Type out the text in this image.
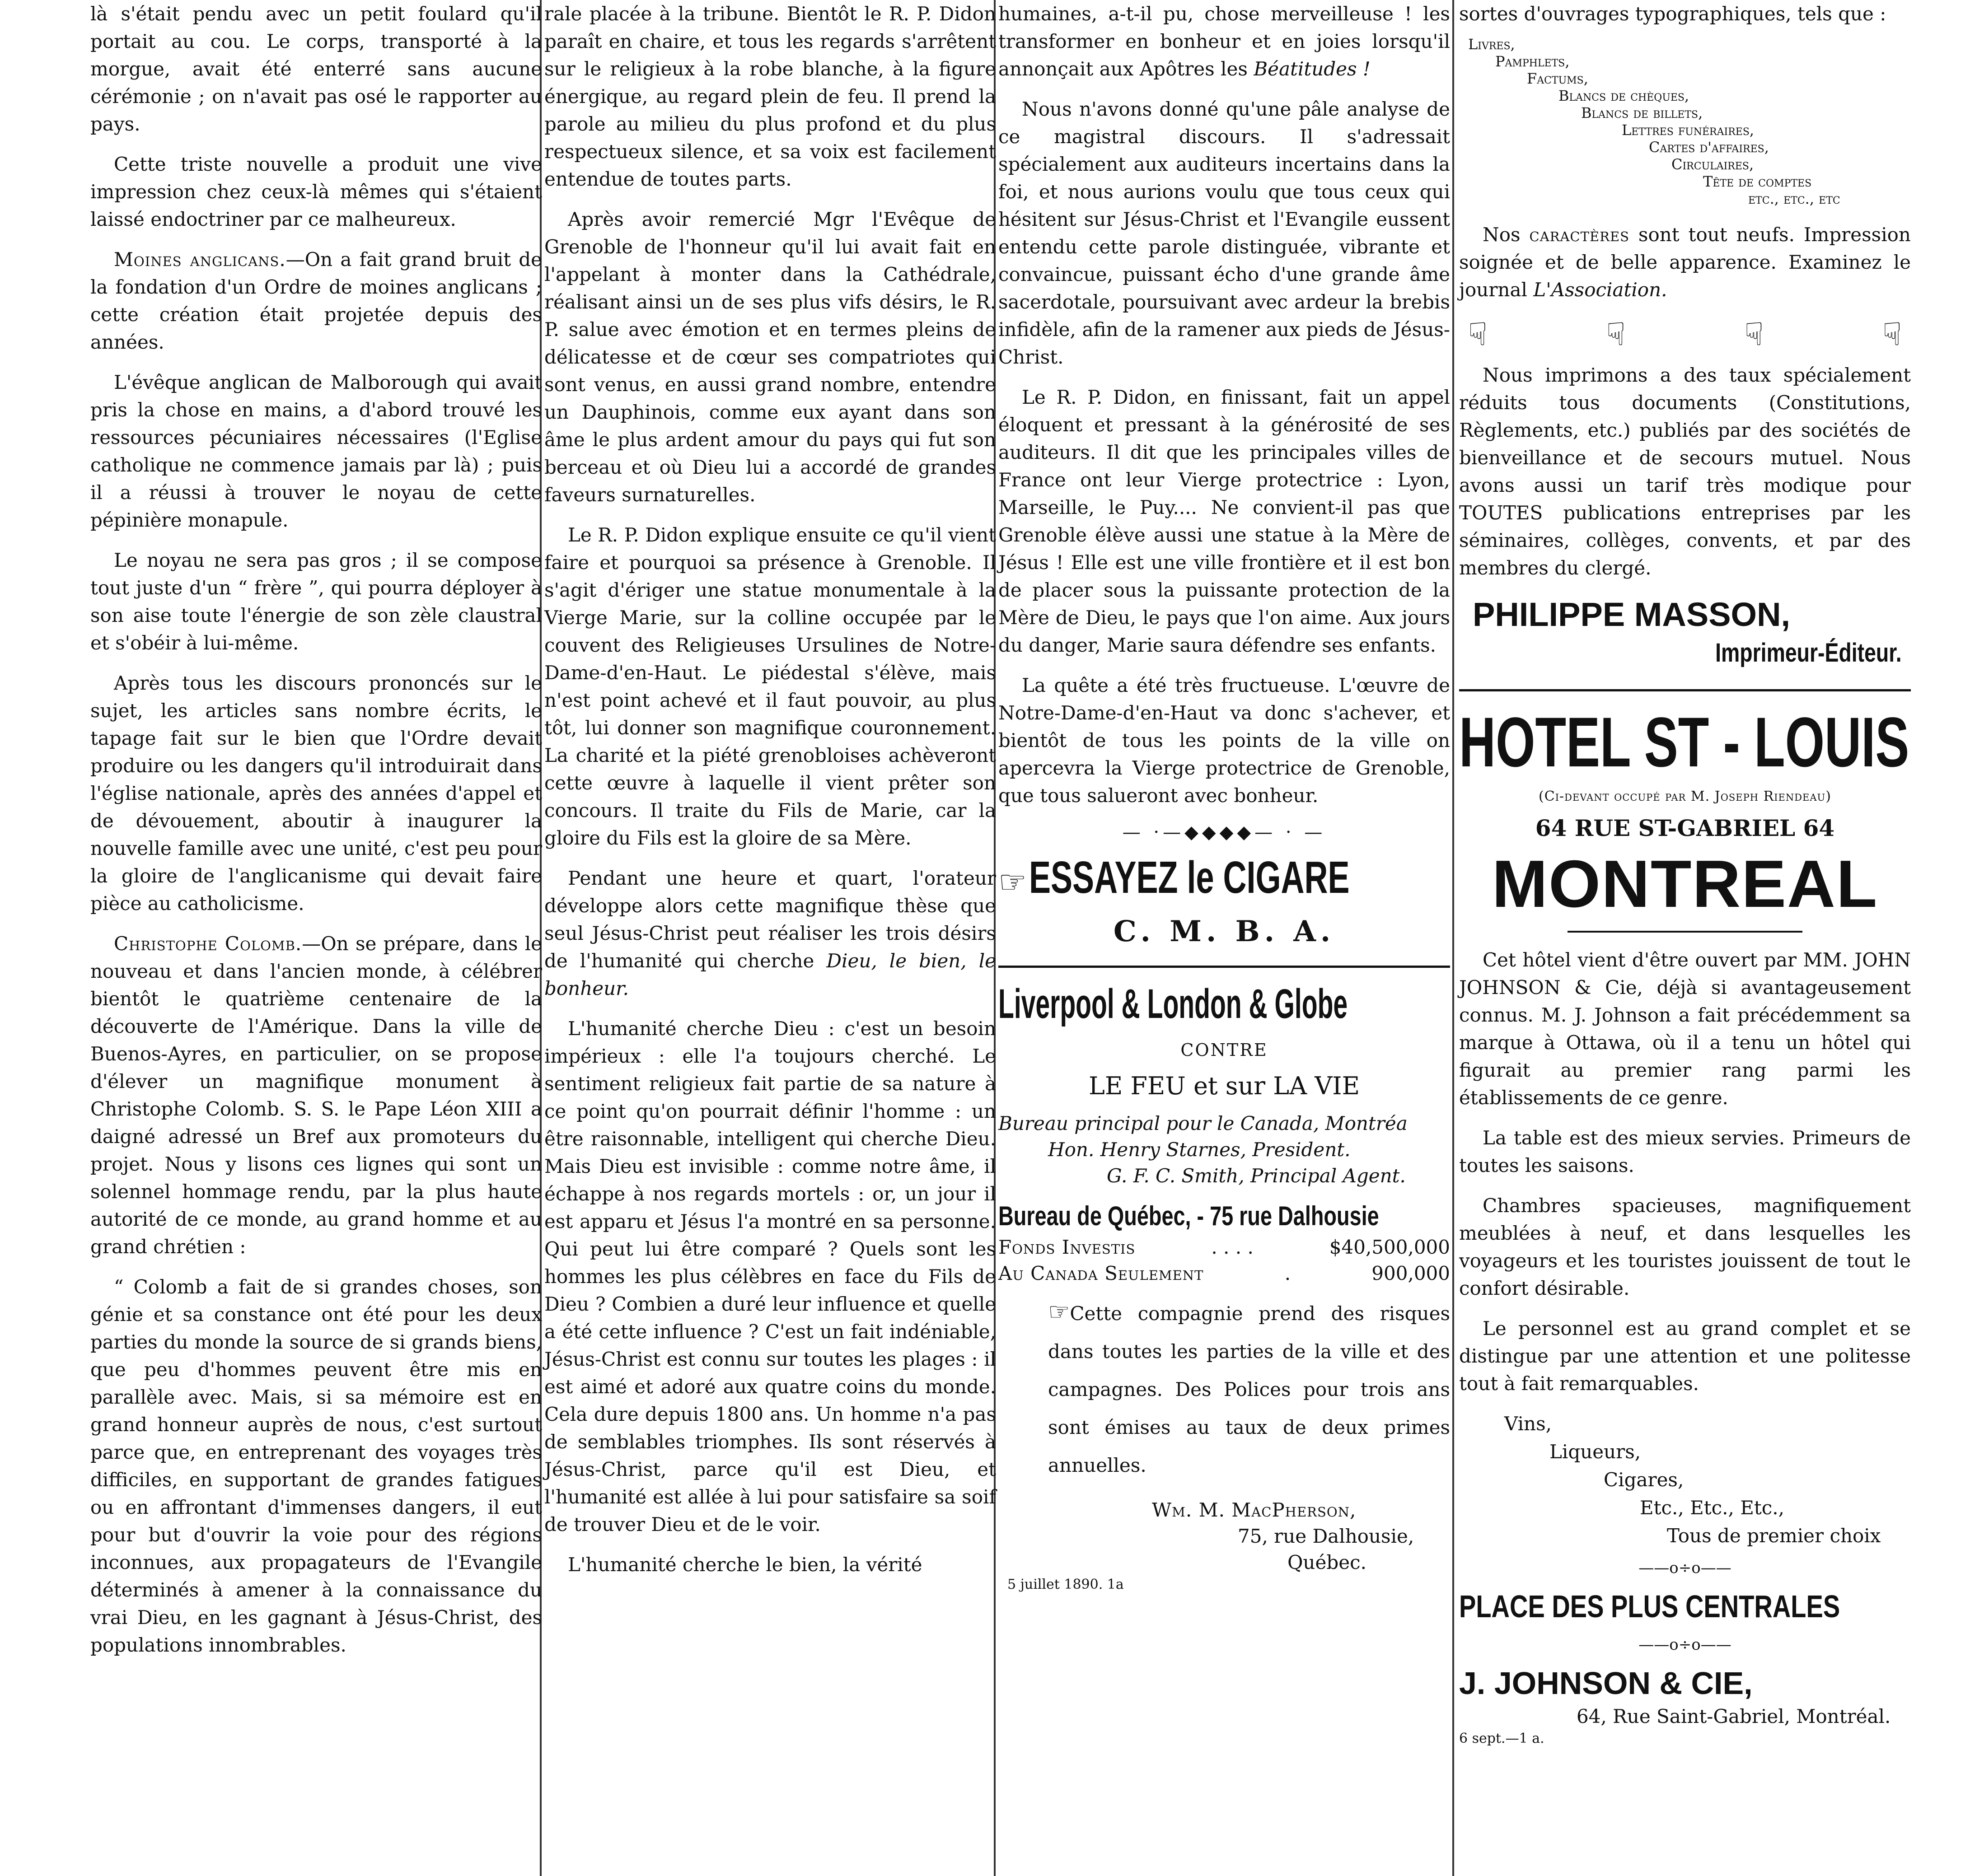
là s'était pendu avec un petit foulard qu'il portait au cou. Le corps, transporté à la morgue, avait été enterré sans aucune cérémonie ; on n'avait pas osé le rapporter au pays.

Cette triste nouvelle a produit une vive impression chez ceux-là mêmes qui s'étaient laissé endoctriner par ce malheureux.

Moines anglicans.—On a fait grand bruit de la fondation d'un Ordre de moines anglicans ; cette création était projetée depuis des années.

L'évêque anglican de Malborough qui avait pris la chose en mains, a d'abord trouvé les ressources pécuniaires nécessaires (l'Eglise catholique ne commence jamais par là) ; puis il a réussi à trouver le noyau de cette pépinière monapule.

Le noyau ne sera pas gros ; il se compose tout juste d'un “ frère ”, qui pourra déployer à son aise toute l'énergie de son zèle claustral et s'obéir à lui-même.

Après tous les discours prononcés sur le sujet, les articles sans nombre écrits, le tapage fait sur le bien que l'Ordre devait produire ou les dangers qu'il introduirait dans l'église nationale, après des années d'appel et de dévouement, aboutir à inaugurer la nouvelle famille avec une unité, c'est peu pour la gloire de l'anglicanisme qui devait faire pièce au catholicisme.

Christophe Colomb.—On se prépare, dans le nouveau et dans l'ancien monde, à célébrer bientôt le quatrième centenaire de la découverte de l'Amérique. Dans la ville de Buenos-Ayres, en particulier, on se propose d'élever un magnifique monument à Christophe Colomb. S. S. le Pape Léon XIII a daigné adressé un Bref aux promoteurs du projet. Nous y lisons ces lignes qui sont un solennel hommage rendu, par la plus haute autorité de ce monde, au grand homme et au grand chrétien :

“ Colomb a fait de si grandes choses, son génie et sa constance ont été pour les deux parties du monde la source de si grands biens, que peu d'hommes peuvent être mis en parallèle avec. Mais, si sa mémoire est en grand honneur auprès de nous, c'est surtout parce que, en entreprenant des voyages très difficiles, en supportant de grandes fatigues ou en affrontant d'immenses dangers, il eut pour but d'ouvrir la voie pour des régions inconnues, aux propagateurs de l'Evangile déterminés à amener à la connaissance du vrai Dieu, en les gagnant à Jésus-Christ, des populations innombrables.

rale placée à la tribune. Bientôt le R. P. Didon paraît en chaire, et tous les regards s'arrêtent sur le religieux à la robe blanche, à la figure énergique, au regard plein de feu. Il prend la parole au milieu du plus profond et du plus respectueux silence, et sa voix est facilement entendue de toutes parts.

Après avoir remercié Mgr l'Evêque de Grenoble de l'honneur qu'il lui avait fait en l'appelant à monter dans la Cathédrale, réalisant ainsi un de ses plus vifs désirs, le R. P. salue avec émotion et en termes pleins de délicatesse et de cœur ses compatriotes qui sont venus, en aussi grand nombre, entendre un Dauphinois, comme eux ayant dans son âme le plus ardent amour du pays qui fut son berceau et où Dieu lui a accordé de grandes faveurs surnaturelles.

Le R. P. Didon explique ensuite ce qu'il vient faire et pourquoi sa présence à Grenoble. Il s'agit d'ériger une statue monumentale à la Vierge Marie, sur la colline occupée par le couvent des Religieuses Ursulines de Notre-Dame-d'en-Haut. Le piédestal s'élève, mais n'est point achevé et il faut pouvoir, au plus tôt, lui donner son magnifique couronnement. La charité et la piété grenobloises achèveront cette œuvre à laquelle il vient prêter son concours. Il traite du Fils de Marie, car la gloire du Fils est la gloire de sa Mère.

Pendant une heure et quart, l'orateur développe alors cette magnifique thèse que seul Jésus-Christ peut réaliser les trois désirs de l'humanité qui cherche Dieu, le bien, le bonheur.

L'humanité cherche Dieu : c'est un besoin impérieux : elle l'a toujours cherché. Le sentiment religieux fait partie de sa nature à ce point qu'on pourrait définir l'homme : un être raisonnable, intelligent qui cherche Dieu. Mais Dieu est invisible : comme notre âme, il échappe à nos regards mortels : or, un jour il est apparu et Jésus l'a montré en sa personne. Qui peut lui être comparé ? Quels sont les hommes les plus célèbres en face du Fils de Dieu ? Combien a duré leur influence et quelle a été cette influence ? C'est un fait indéniable, Jésus-Christ est connu sur toutes les plages : il est aimé et adoré aux quatre coins du monde. Cela dure depuis 1800 ans. Un homme n'a pas de semblables triomphes. Ils sont réservés à Jésus-Christ, parce qu'il est Dieu, et l'humanité est allée à lui pour satisfaire sa soif de trouver Dieu et de le voir.

L'humanité cherche le bien, la vérité

humaines, a-t-il pu, chose merveilleuse ! les transformer en bonheur et en joies lorsqu'il annonçait aux Apôtres les Béatitudes !

Nous n'avons donné qu'une pâle analyse de ce magistral discours. Il s'adressait spécialement aux auditeurs incertains dans la foi, et nous aurions voulu que tous ceux qui hésitent sur Jésus-Christ et l'Evangile eussent entendu cette parole distinguée, vibrante et convaincue, puissant écho d'une grande âme sacerdotale, poursuivant avec ardeur la brebis infidèle, afin de la ramener aux pieds de Jésus-Christ.

Le R. P. Didon, en finissant, fait un appel éloquent et pressant à la générosité de ses auditeurs. Il dit que les principales villes de France ont leur Vierge protectrice : Lyon, Marseille, le Puy.... Ne convient-il pas que Grenoble élève aussi une statue à la Mère de Jésus ! Elle est une ville frontière et il est bon de placer sous la puissante protection de la Mère de Dieu, le pays que l'on aime. Aux jours du danger, Marie saura défendre ses enfants.

La quête a été très fructueuse. L'œuvre de Notre-Dame-d'en-Haut va donc s'achever, et bientôt de tous les points de la ville on apercevra la Vierge protectrice de Grenoble, que tous salueront avec bonheur.

— ·—◆◆◆◆— · —
☞ ESSAYEZ le CIGARE
C. M. B. A.
Liverpool & London & Globe

CONTRE

LE FEU et sur LA VIE

Bureau principal pour le Canada, Montréa

Hon. Henry Starnes, President.

G. F. C. Smith, Principal Agent.

Bureau de Québec, - 75 rue Dalhousie
Fonds Investis	. . . .	$40,500,000
Au Canada Seulement	.	900,000

☞Cette compagnie prend des risques dans toutes les parties de la ville et des campagnes. Des Polices pour trois ans sont émises au taux de deux primes annuelles.

Wm. M. MacPherson,

75, rue Dalhousie,

Québec.

5 juillet 1890. 1a

sortes d'ouvrages typographiques, tels que :

Livres,

Pamphlets,

Factums,

Blancs de chèques,

Blancs de billets,

Lettres funéraires,

Cartes d'affaires,

Circulaires,

Tête de comptes

etc., etc., etc

Nos caractères sont tout neufs. Impression soignée et de belle apparence. Examinez le journal L'Association.

☟	☟	☟	☟

Nous imprimons a des taux spécialement réduits tous documents (Constitutions, Règlements, etc.) publiés par des sociétés de bienveillance et de secours mutuel. Nous avons aussi un tarif très modique pour TOUTES publications entreprises par les séminaires, collèges, convents, et par des membres du clergé.

PHILIPPE MASSON,

Imprimeur-Éditeur.
HOTEL ST - LOUIS

(Ci-devant occupé par M. Joseph Riendeau)

64 RUE ST-GABRIEL 64

MONTREAL

Cet hôtel vient d'être ouvert par MM. JOHN JOHNSON & Cie, déjà si avantageusement connus. M. J. Johnson a fait précédemment sa marque à Ottawa, où il a tenu un hôtel qui figurait au premier rang parmi les établissements de ce genre.

La table est des mieux servies. Primeurs de toutes les saisons.

Chambres spacieuses, magnifiquement meublées à neuf, et dans lesquelles les voyageurs et les touristes jouissent de tout le confort désirable.

Le personnel est au grand complet et se distingue par une attention et une politesse tout à fait remarquables.

Vins,
Liqueurs,
Cigares,
Etc., Etc., Etc.,
Tous de premier choix

——o÷o——

PLACE DES PLUS CENTRALES

——o÷o——

J. JOHNSON & CIE,

64, Rue Saint-Gabriel, Montréal.

6 sept.—1 a.
